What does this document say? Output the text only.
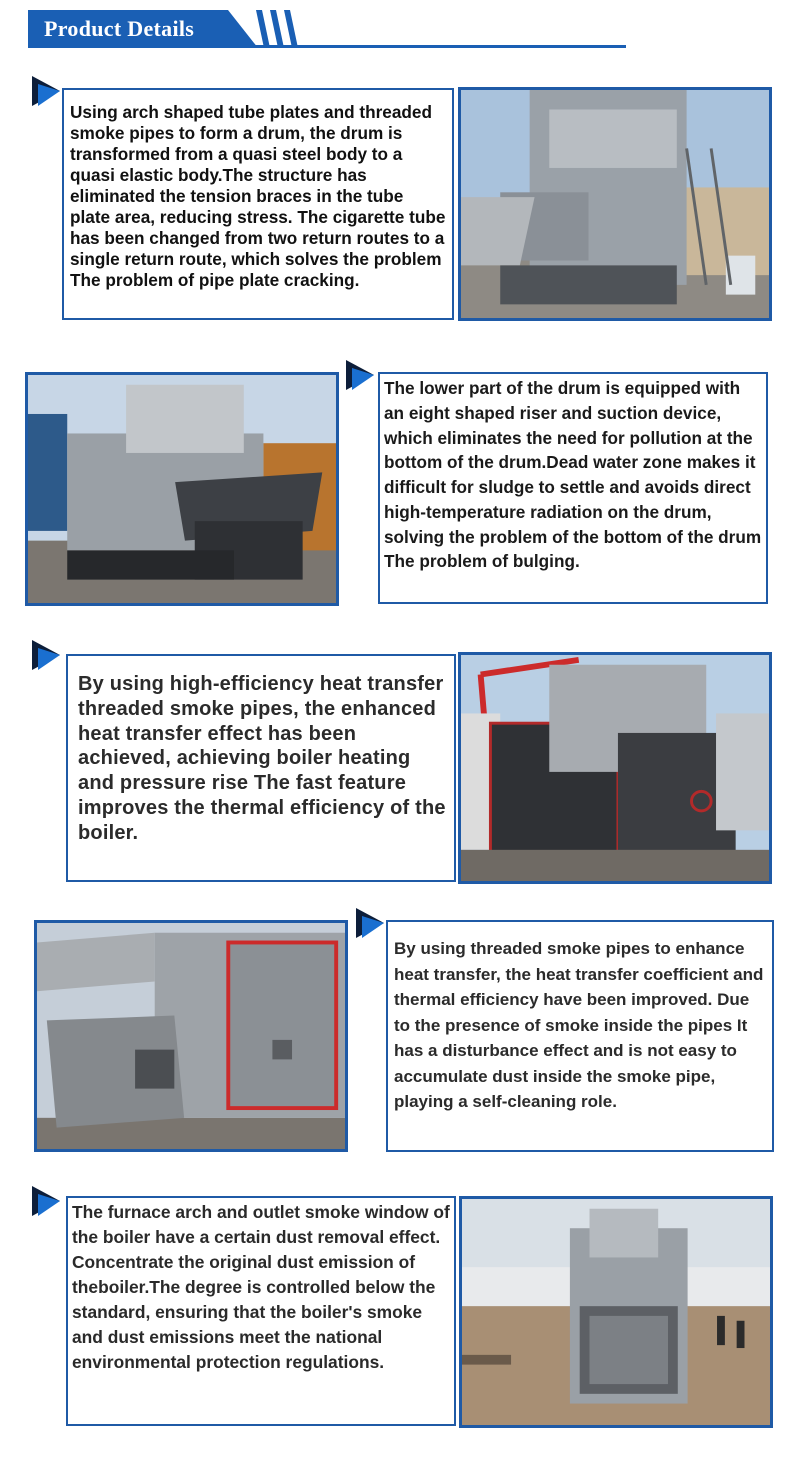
Product Details

Using arch shaped tube plates and threaded smoke pipes to form a drum, the drum is transformed from a quasi steel body to a quasi elastic body.The structure has eliminated the tension braces in the tube plate area, reducing stress. The cigarette tube has been changed from two return routes to a single return route, which solves the problem The problem of pipe plate cracking.

The lower part of the drum is equipped with an eight shaped riser and suction device, which eliminates the need for pollution at the bottom of the drum.Dead water zone makes it difficult for sludge to settle and avoids direct high-temperature radiation on the drum, solving the problem of the bottom of the drum The problem of bulging.

By using high-efficiency heat transfer threaded smoke pipes, the enhanced heat transfer effect has been achieved, achieving boiler heating and pressure rise The fast feature improves the thermal efficiency of the boiler.

By using threaded smoke pipes to enhance heat transfer, the heat transfer coefficient and thermal efficiency have been improved. Due to the presence of smoke inside the pipes It has a disturbance effect and is not easy to accumulate dust inside the smoke pipe, playing a self-cleaning role.

The furnace arch and outlet smoke window of the boiler have a certain dust removal effect. Concentrate the original dust emission of theboiler.The degree is controlled below the standard, ensuring that the boiler's smoke and dust emissions meet the national environmental protection regulations.
